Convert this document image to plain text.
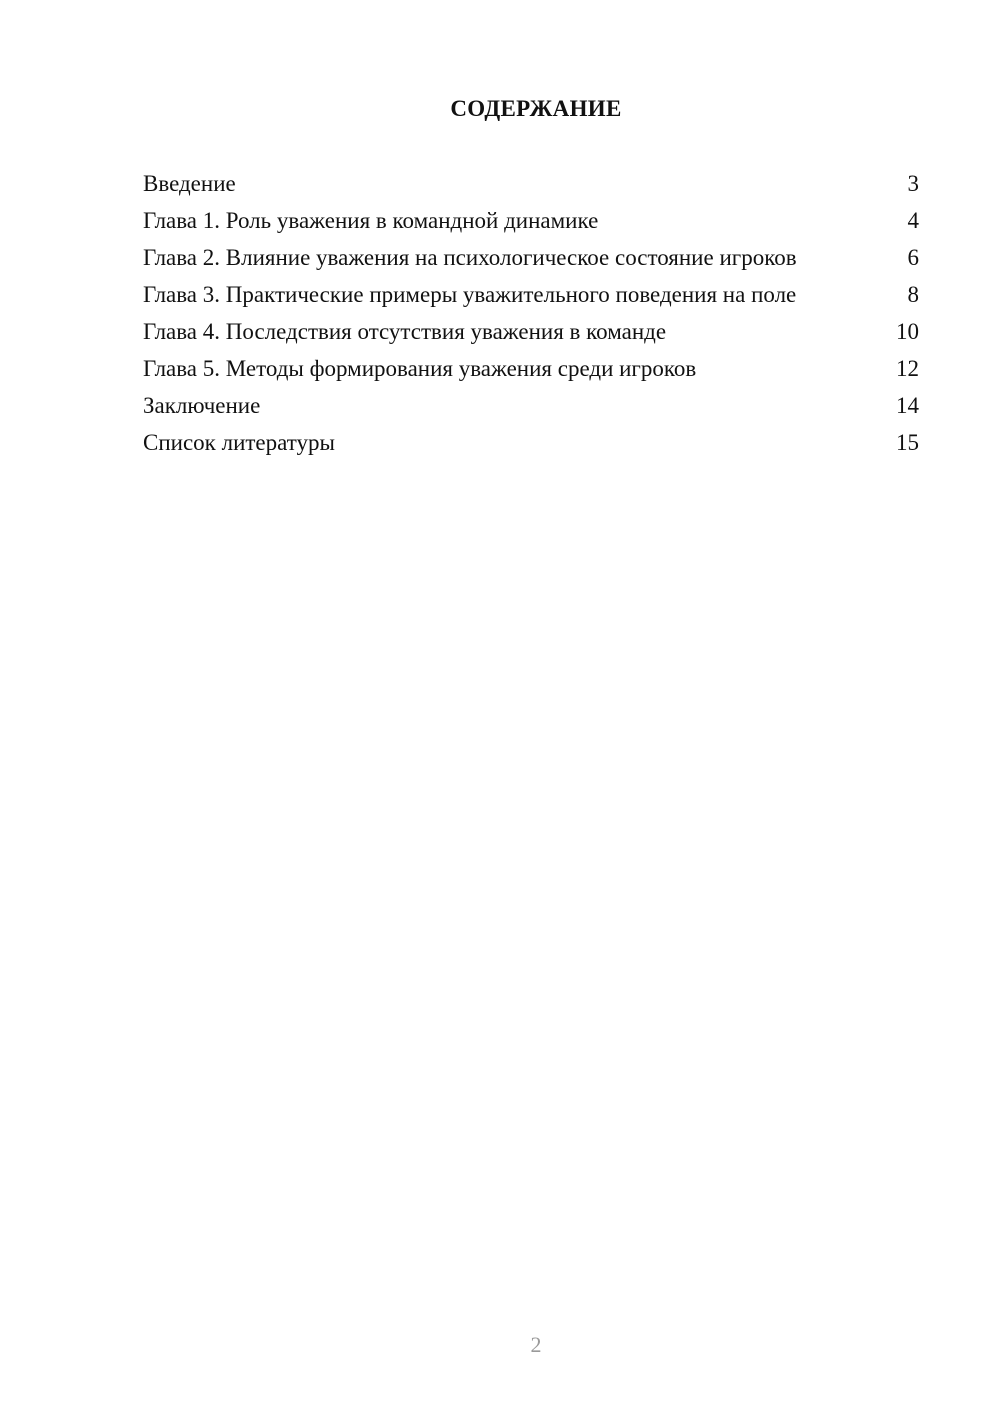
СОДЕРЖАНИЕ
Введение	3
Глава 1. Роль уважения в командной динамике	4
Глава 2. Влияние уважения на психологическое состояние игроков	6
Глава 3. Практические примеры уважительного поведения на поле	8
Глава 4. Последствия отсутствия уважения в команде	10
Глава 5. Методы формирования уважения среди игроков	12
Заключение	14
Список литературы	15
2
